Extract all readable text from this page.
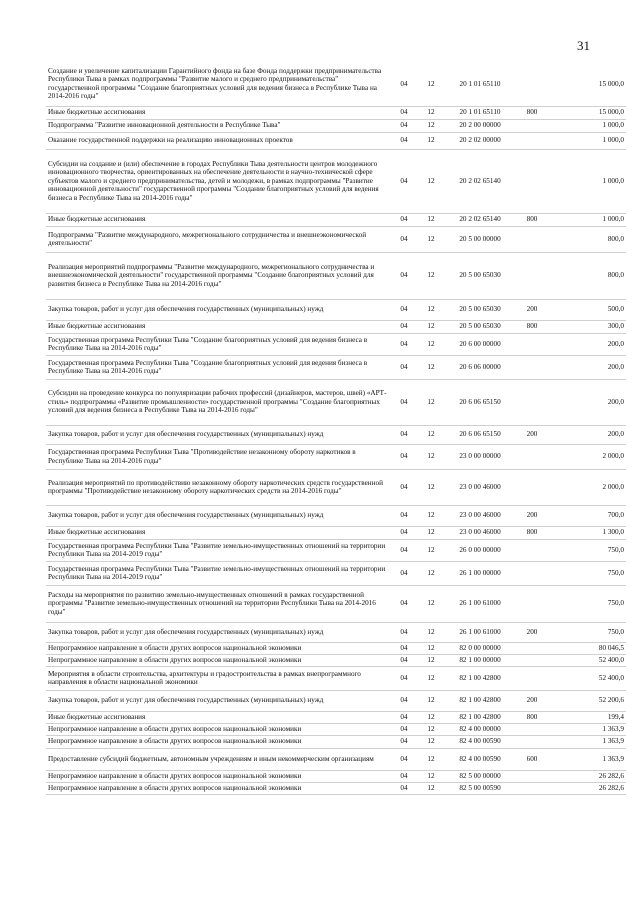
31
Создание и увеличение капитализации Гарантийного фонда на базе Фонда поддержки предпринимательства Республики Тыва в рамках подпрограммы "Развитие малого и среднего предпринимательства" государственной программы "Создание благоприятных условий для ведения бизнеса в Республике Тыва на 2014-2016 годы"	04	12	20 1 01 65110		15 000,0
Иные бюджетные ассигнования	04	12	20 1 01 65110	800	15 000,0
Подпрограмма "Развитие инновационной деятельности в Республике Тыва"	04	12	20 2 00 00000		1 000,0
Оказание государственной поддержки на реализацию инновационных проектов	04	12	20 2 02 00000		1 000,0
Субсидии на создание и (или) обеспечение в городах Республики Тыва деятельности центров молодежного инновационного творчества, ориентированных на обеспечение деятельности в научно-технической сфере субъектов малого и среднего предпринимательства, детей и молодежи, в рамках подпрограммы "Развитие инновационной деятельности" государственной программы "Создание благоприятных условий для ведения бизнеса в Республике Тыва на 2014-2016 годы"	04	12	20 2 02 65140		1 000,0
Иные бюджетные ассигнования	04	12	20 2 02 65140	800	1 000,0
Подпрограмма "Развитие международного, межрегионального сотрудничества и внешнеэкономической деятельности"	04	12	20 5 00 00000		800,0
Реализация мероприятий подпрограммы "Развитие международного, межрегионального сотрудничества и внешнеэкономической деятельности" государственной программы "Создание благоприятных условий для развития бизнеса в Республике Тыва на 2014-2016 годы"	04	12	20 5 00 65030		800,0
Закупка товаров, работ и услуг для обеспечения государственных (муниципальных) нужд	04	12	20 5 00 65030	200	500,0
Иные бюджетные ассигнования	04	12	20 5 00 65030	800	300,0
Государственная программа Республики Тыва "Создание благоприятных условий для ведения бизнеса в Республике Тыва на 2014-2016 годы"	04	12	20 6 00 00000		200,0
Государственная программа Республики Тыва "Создание благоприятных условий для ведения бизнеса в Республике Тыва на 2014-2016 годы"	04	12	20 6 06 00000		200,0
Субсидии на проведение конкурса по популяризации рабочих профессий (дизайнеров, мастеров, швей) «АРТ-стиль» подпрограммы «Развитие промышленности» государственной программы "Создание благоприятных условий для ведения бизнеса в Республике Тыва на 2014-2016 годы"	04	12	20 6 06 65150		200,0
Закупка товаров, работ и услуг для обеспечения государственных (муниципальных) нужд	04	12	20 6 06 65150	200	200,0
Государственная программа Республики Тыва "Противодействие незаконному обороту наркотиков в Республике Тыва на 2014-2016 годы"	04	12	23 0 00 00000		2 000,0
Реализация мероприятий по противодействию незаконному обороту наркотических средств государственной программы "Противодействие незаконному обороту наркотических средств на 2014-2016 годы"	04	12	23 0 00 46000		2 000,0
Закупка товаров, работ и услуг для обеспечения государственных (муниципальных) нужд	04	12	23 0 00 46000	200	700,0
Иные бюджетные ассигнования	04	12	23 0 00 46000	800	1 300,0
Государственная программа Республики Тыва "Развитие земельно-имущественных отношений на территории Республики Тыва на 2014-2019 годы"	04	12	26 0 00 00000		750,0
Государственная программа Республики Тыва "Развитие земельно-имущественных отношений на территории Республики Тыва на 2014-2019 годы"	04	12	26 1 00 00000		750,0
Расходы на мероприятия по развитию земельно-имущественных отношений в рамках государственной программы "Развитие земельно-имущественных отношений на территории Республики Тыва на 2014-2016 годы"	04	12	26 1 00 61000		750,0
Закупка товаров, работ и услуг для обеспечения государственных (муниципальных) нужд	04	12	26 1 00 61000	200	750,0
Непрограммное направление в области других вопросов национальной экономики	04	12	82 0 00 00000		80 046,5
Непрограммное направление в области других вопросов национальной экономики	04	12	82 1 00 00000		52 400,0
Мероприятия в области строительства, архитектуры и градостроительства в рамках внепрограммного направления в области национальной экономики	04	12	82 1 00 42800		52 400,0
Закупка товаров, работ и услуг для обеспечения государственных (муниципальных) нужд	04	12	82 1 00 42800	200	52 200,6
Иные бюджетные ассигнования	04	12	82 1 00 42800	800	199,4
Непрограммное направление в области других вопросов национальной экономики	04	12	82 4 00 00000		1 363,9
Непрограммное направление в области других вопросов национальной экономики	04	12	82 4 00 00590		1 363,9
Предоставление субсидий бюджетным, автономным учреждениям и иным некоммерческим организациям	04	12	82 4 00 00590	600	1 363,9
Непрограммное направление в области других вопросов национальной экономики	04	12	82 5 00 00000		26 282,6
Непрограммное направление в области других вопросов национальной экономики	04	12	82 5 00 00590		26 282,6
